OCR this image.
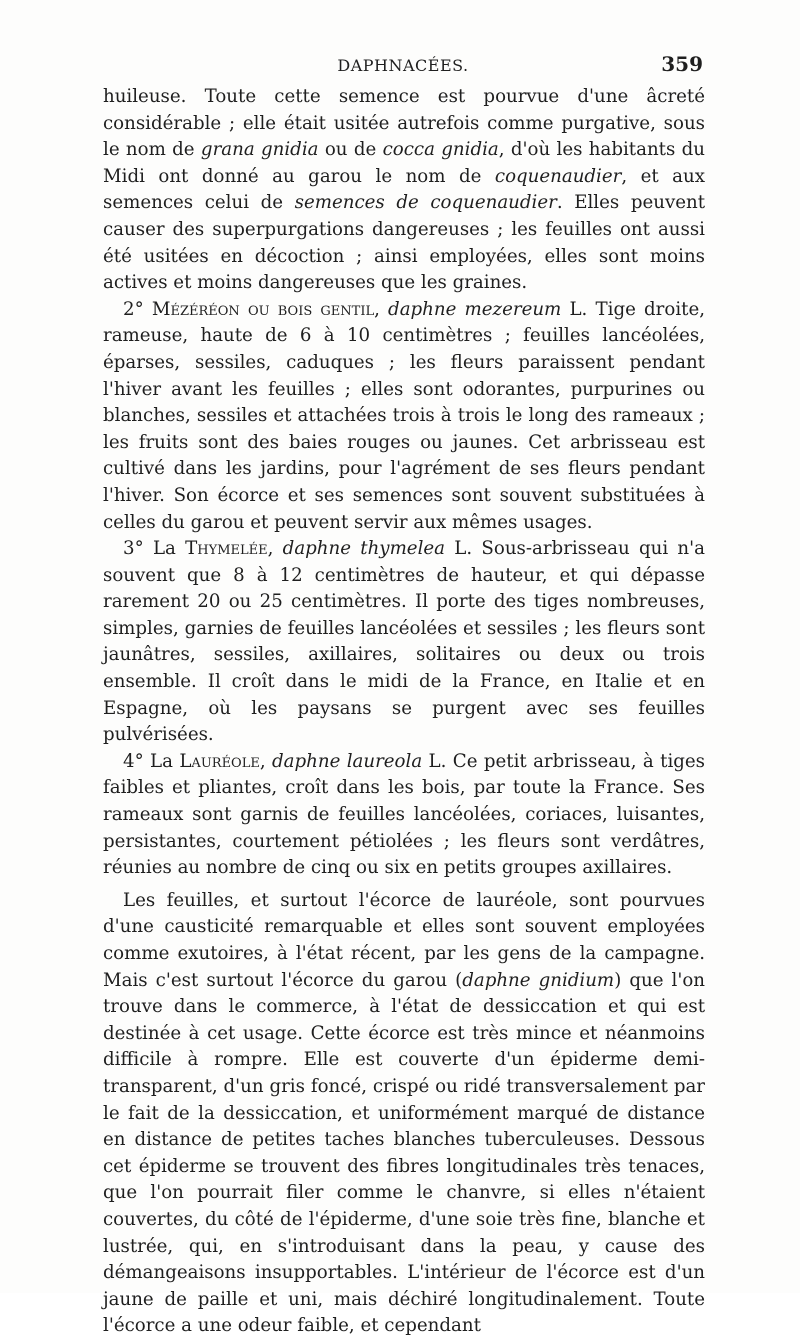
DAPHNACÉES.	359

huileuse. Toute cette semence est pourvue d'une âcreté considérable ; elle était usitée autrefois comme purgative, sous le nom de grana gnidia ou de cocca gnidia, d'où les habitants du Midi ont donné au garou le nom de coquenaudier, et aux semences celui de semences de coquenaudier. Elles peuvent causer des superpurgations dangereuses ; les feuilles ont aussi été usitées en décoction ; ainsi employées, elles sont moins actives et moins dangereuses que les graines.

2° Mézéréon ou bois gentil, daphne mezereum L. Tige droite, rameuse, haute de 6 à 10 centimètres ; feuilles lancéolées, éparses, sessiles, caduques ; les fleurs paraissent pendant l'hiver avant les feuilles ; elles sont odorantes, purpurines ou blanches, sessiles et attachées trois à trois le long des rameaux ; les fruits sont des baies rouges ou jaunes. Cet arbrisseau est cultivé dans les jardins, pour l'agrément de ses fleurs pendant l'hiver. Son écorce et ses semences sont souvent substituées à celles du garou et peuvent servir aux mêmes usages.

3° La Thymelée, daphne thymelea L. Sous-arbrisseau qui n'a souvent que 8 à 12 centimètres de hauteur, et qui dépasse rarement 20 ou 25 centimètres. Il porte des tiges nombreuses, simples, garnies de feuilles lancéolées et sessiles ; les fleurs sont jaunâtres, sessiles, axillaires, solitaires ou deux ou trois ensemble. Il croît dans le midi de la France, en Italie et en Espagne, où les paysans se purgent avec ses feuilles pulvérisées.

4° La Lauréole, daphne laureola L. Ce petit arbrisseau, à tiges faibles et pliantes, croît dans les bois, par toute la France. Ses rameaux sont garnis de feuilles lancéolées, coriaces, luisantes, persistantes, courtement pétiolées ; les fleurs sont verdâtres, réunies au nombre de cinq ou six en petits groupes axillaires.

Les feuilles, et surtout l'écorce de lauréole, sont pourvues d'une causticité remarquable et elles sont souvent employées comme exutoires, à l'état récent, par les gens de la campagne. Mais c'est surtout l'écorce du garou (daphne gnidium) que l'on trouve dans le commerce, à l'état de dessiccation et qui est destinée à cet usage. Cette écorce est très mince et néanmoins difficile à rompre. Elle est couverte d'un épiderme demi-transparent, d'un gris foncé, crispé ou ridé transversalement par le fait de la dessiccation, et uniformément marqué de distance en distance de petites taches blanches tuberculeuses. Dessous cet épiderme se trouvent des fibres longitudinales très tenaces, que l'on pourrait filer comme le chanvre, si elles n'étaient couvertes, du côté de l'épiderme, d'une soie très fine, blanche et lustrée, qui, en s'introduisant dans la peau, y cause des démangeaisons insupportables. L'intérieur de l'écorce est d'un jaune de paille et uni, mais déchiré longitudinalement. Toute l'écorce a une odeur faible, et cependant
